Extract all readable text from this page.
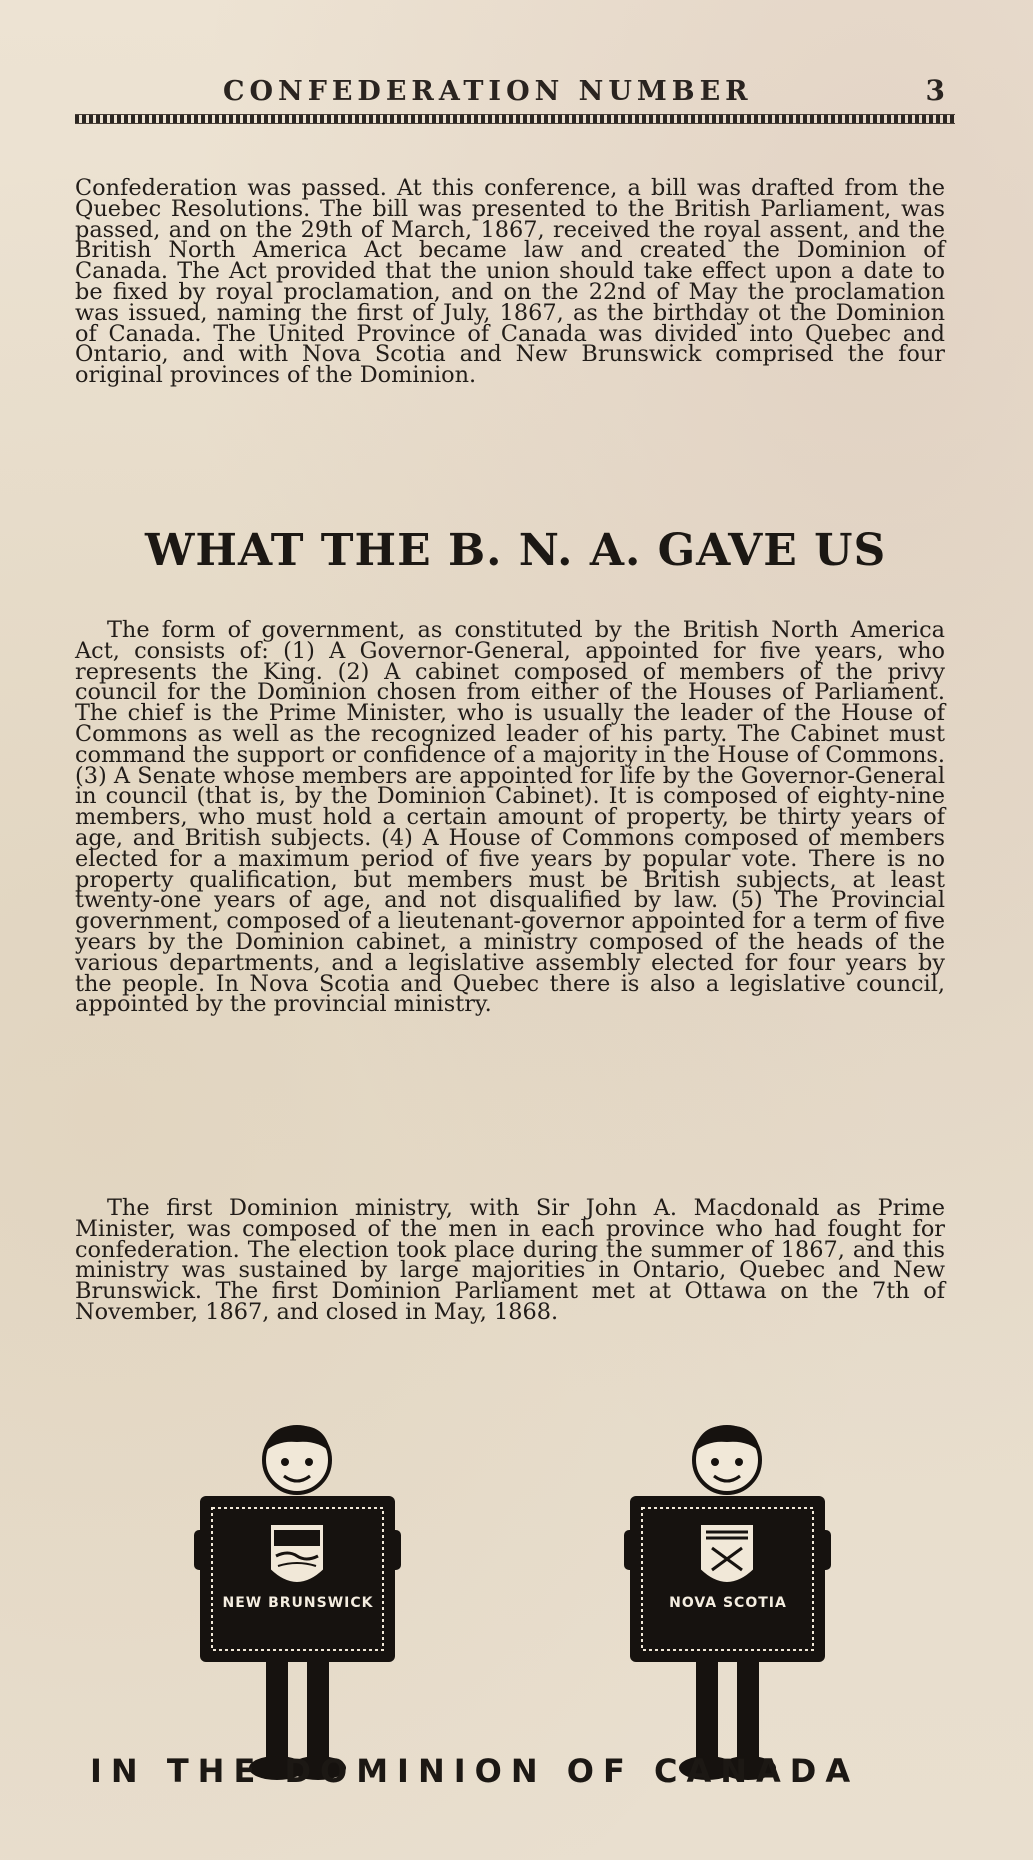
CONFEDERATION NUMBER	3

Confederation was passed. At this conference, a bill was drafted from the Quebec Resolutions. The bill was presented to the British Parliament, was passed, and on the 29th of March, 1867, received the royal assent, and the British North America Act became law and created the Dominion of Canada. The Act provided that the union should take effect upon a date to be fixed by royal proclamation, and on the 22nd of May the proclamation was issued, naming the first of July, 1867, as the birthday ot the Dominion of Canada. The United Province of Canada was divided into Quebec and Ontario, and with Nova Scotia and New Brunswick comprised the four original provinces of the Dominion.

WHAT THE B. N. A. GAVE US

The form of government, as constituted by the British North America Act, consists of: (1) A Governor-General, appointed for five years, who represents the King. (2) A cabinet composed of members of the privy council for the Dominion chosen from either of the Houses of Parliament. The chief is the Prime Minister, who is usually the leader of the House of Commons as well as the recognized leader of his party. The Cabinet must command the support or confidence of a majority in the House of Commons. (3) A Senate whose members are appointed for life by the Governor-General in council (that is, by the Dominion Cabinet). It is composed of eighty-nine members, who must hold a certain amount of property, be thirty years of age, and British subjects. (4) A House of Commons composed of members elected for a maximum period of five years by popular vote. There is no property qualification, but members must be British subjects, at least twenty-one years of age, and not disqualified by law. (5) The Provincial government, composed of a lieutenant-governor appointed for a term of five years by the Dominion cabinet, a ministry composed of the heads of the various departments, and a legislative assembly elected for four years by the people. In Nova Scotia and Quebec there is also a legislative council, appointed by the provincial ministry.

The first Dominion ministry, with Sir John A. Macdonald as Prime Minister, was composed of the men in each province who had fought for confederation. The election took place during the summer of 1867, and this ministry was sustained by large majorities in Ontario, Quebec and New Brunswick. The first Dominion Parliament met at Ottawa on the 7th of November, 1867, and closed in May, 1868.

NEW BRUNSWICK	NOVA SCOTIA

IN THE DOMINION OF CANADA
